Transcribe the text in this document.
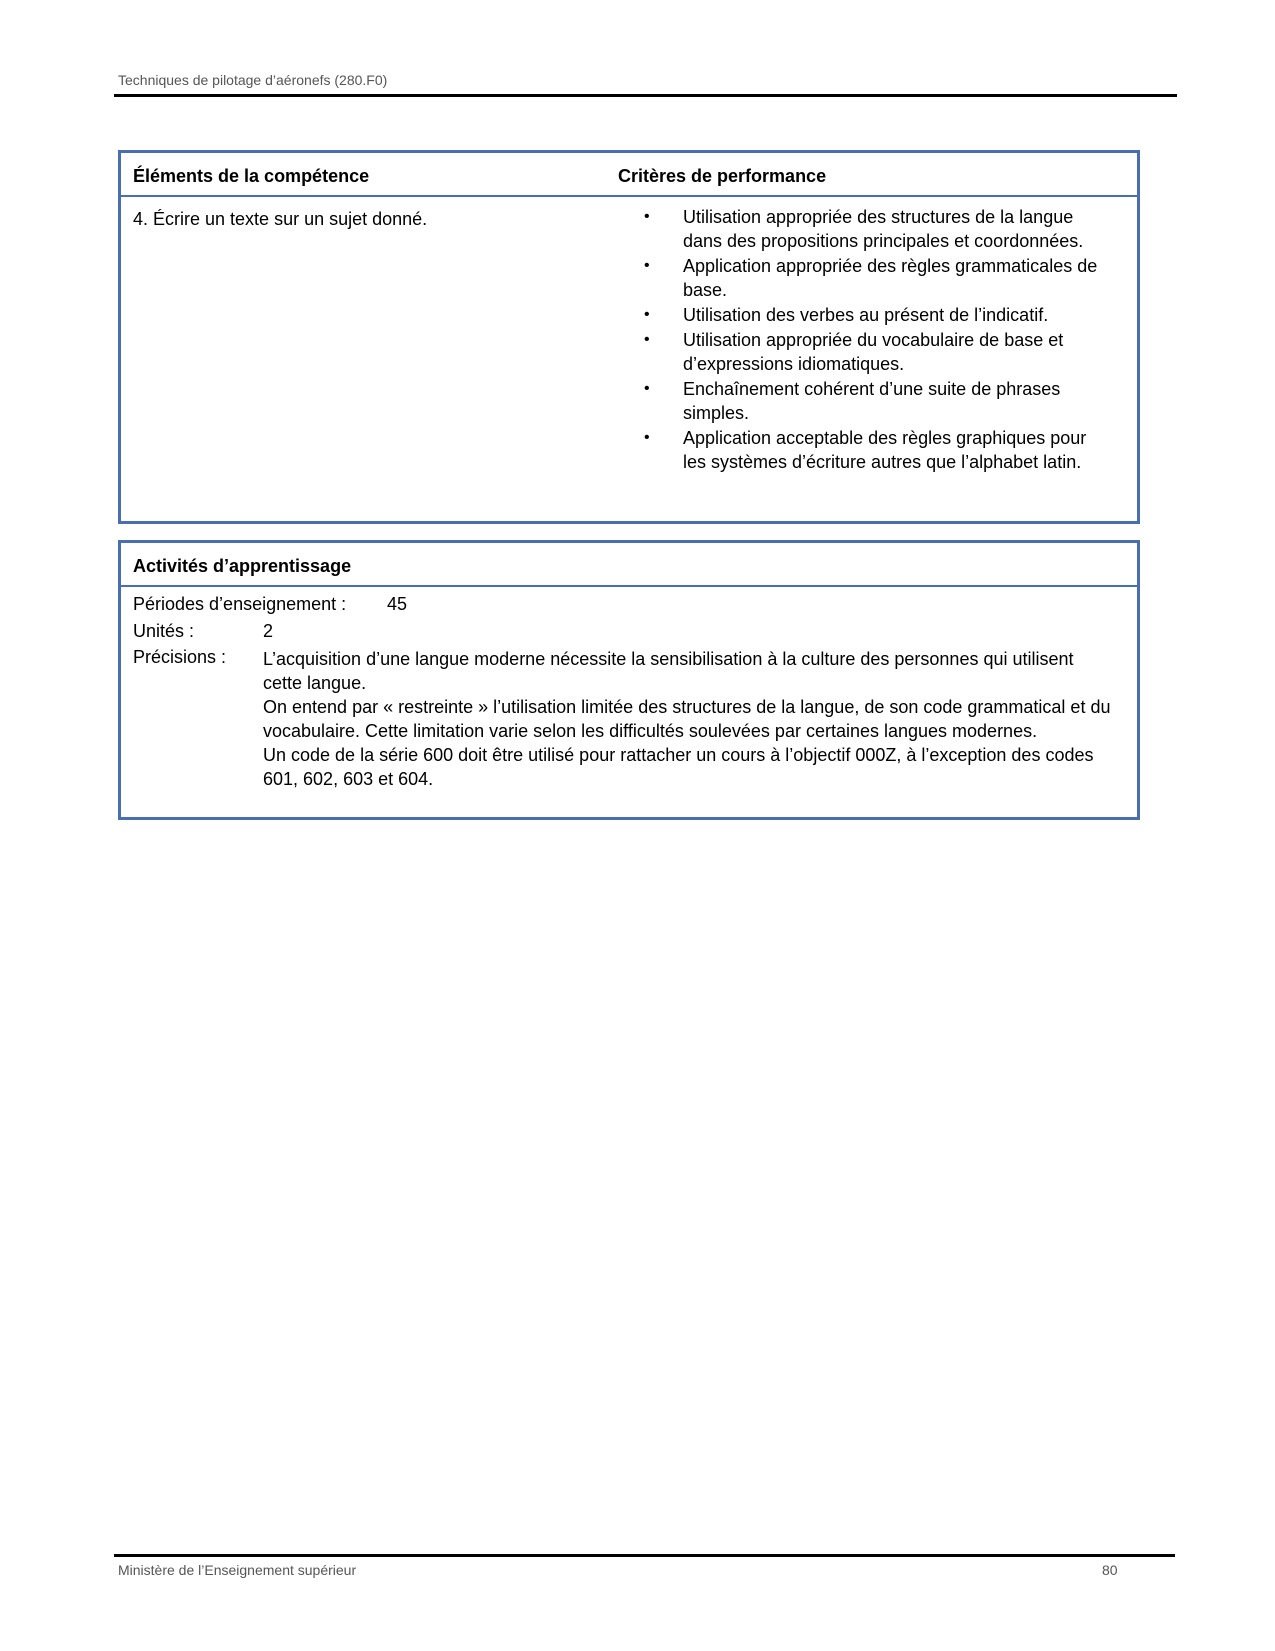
Techniques de pilotage d’aéronefs (280.F0)
Éléments de la compétence	Critères de performance
4. Écrire un texte sur un sujet donné.	• Utilisation appropriée des structures de la langue dans des propositions principales et coordonnées.
• Application appropriée des règles grammaticales de base.
• Utilisation des verbes au présent de l’indicatif.
• Utilisation appropriée du vocabulaire de base et d’expressions idiomatiques.
• Enchaînement cohérent d’une suite de phrases simples.
• Application acceptable des règles graphiques pour les systèmes d’écriture autres que l’alphabet latin.
Activités d’apprentissage
Périodes d’enseignement : 45
Unités :	2
Précisions : L’acquisition d’une langue moderne nécessite la sensibilisation à la culture des personnes qui utilisent cette langue.

On entend par « restreinte » l’utilisation limitée des structures de la langue, de son code grammatical et du vocabulaire. Cette limitation varie selon les difficultés soulevées par certaines langues modernes.

Un code de la série 600 doit être utilisé pour rattacher un cours à l’objectif 000Z, à l’exception des codes 601, 602, 603 et 604.

Ministère de l’Enseignement supérieur	80
